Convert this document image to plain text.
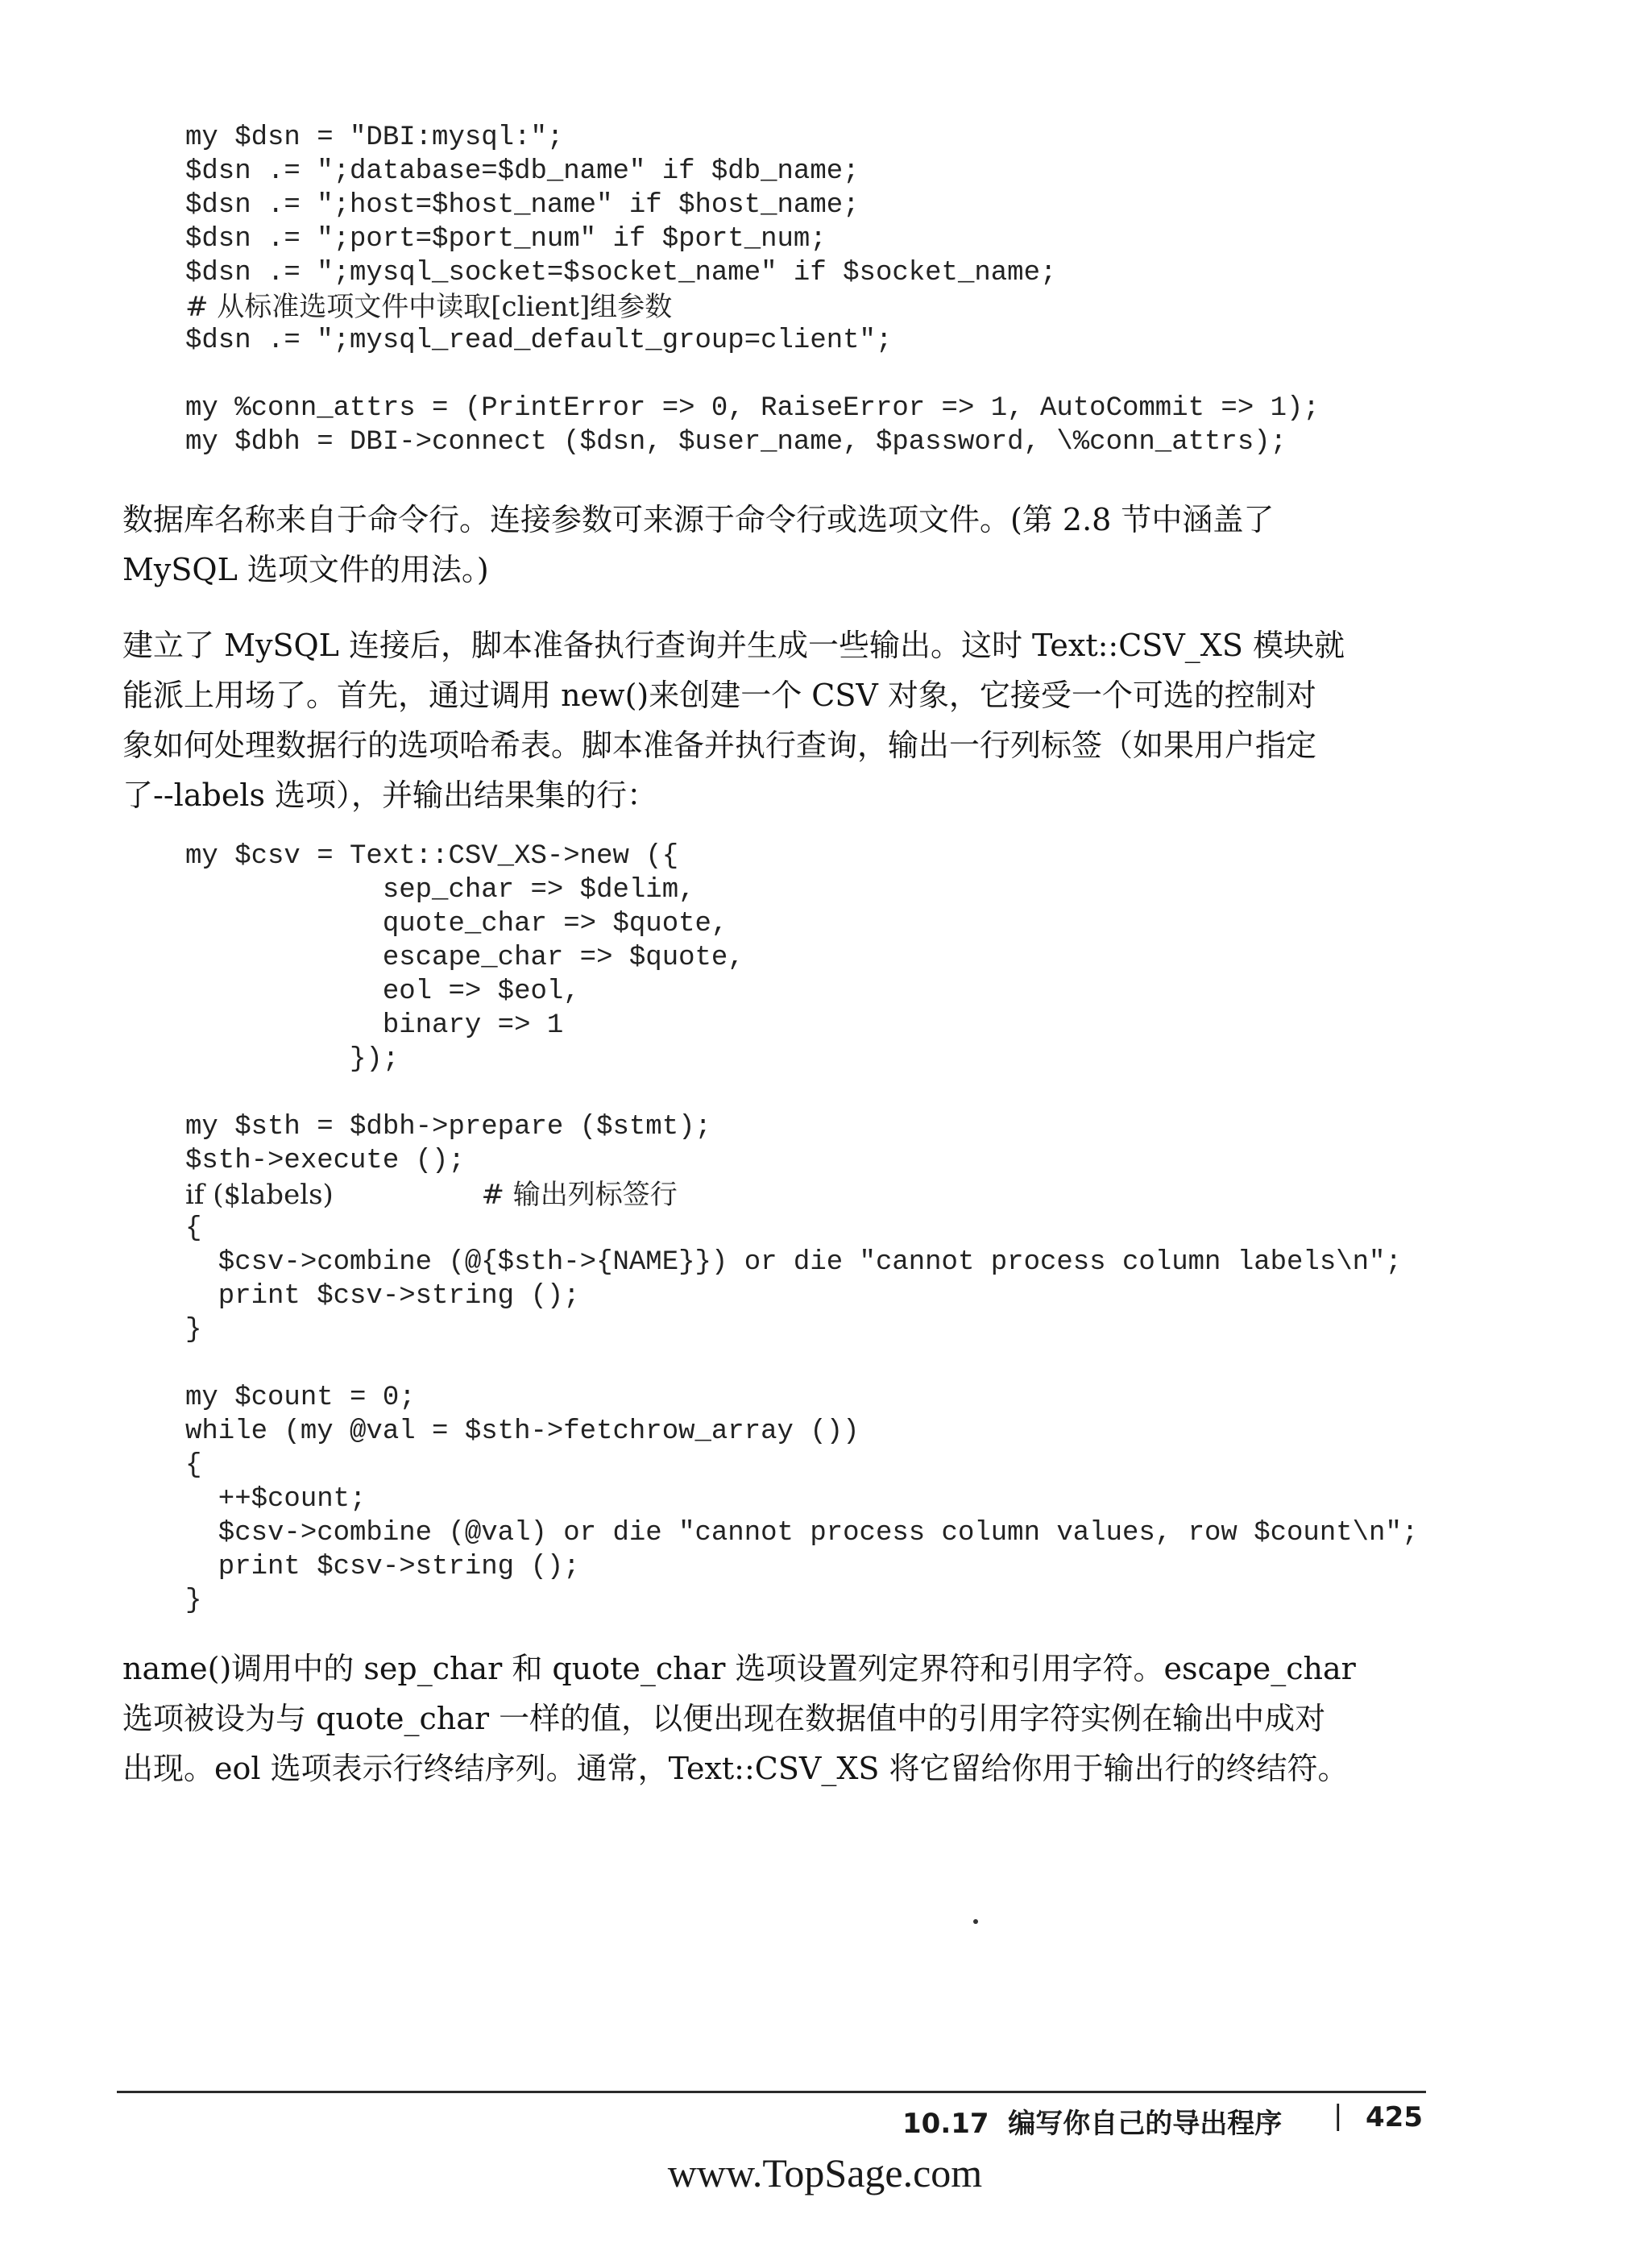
my $dsn = "DBI:mysql:";
$dsn .= ";database=$db_name" if $db_name;
$dsn .= ";host=$host_name" if $host_name;
$dsn .= ";port=$port_num" if $port_num;
$dsn .= ";mysql_socket=$socket_name" if $socket_name;
# 从标准选项文件中读取[client]组参数
$dsn .= ";mysql_read_default_group=client";
my %conn_attrs = (PrintError => 0, RaiseError => 1, AutoCommit => 1);
my $dbh = DBI->connect ($dsn, $user_name, $password, \%conn_attrs);
数据库名称来自于命令行。连接参数可来源于命令行或选项文件。(第 2.8 节中涵盖了
MySQL 选项文件的用法。)
建立了 MySQL 连接后，脚本准备执行查询并生成一些输出。这时 Text::CSV_XS 模块就
能派上用场了。首先，通过调用 new()来创建一个 CSV 对象，它接受一个可选的控制对
象如何处理数据行的选项哈希表。脚本准备并执行查询，输出一行列标签（如果用户指定
了--labels 选项），并输出结果集的行：
my $csv = Text::CSV_XS->new ({
sep_char => $delim,
quote_char => $quote,
escape_char => $quote,
eol => $eol,
binary => 1
});
my $sth = $dbh->prepare ($stmt);
$sth->execute ();
if ($labels)                 # 输出列标签行
{
$csv->combine (@{$sth->{NAME}}) or die "cannot process column labels\n";
print $csv->string ();
}
my $count = 0;
while (my @val = $sth->fetchrow_array ())
{
++$count;
$csv->combine (@val) or die "cannot process column values, row $count\n";
print $csv->string ();
}
name()调用中的 sep_char 和 quote_char 选项设置列定界符和引用字符。escape_char
选项被设为与 quote_char 一样的值，以便出现在数据值中的引用字符实例在输出中成对
出现。eol 选项表示行终结序列。通常，Text::CSV_XS 将它留给你用于输出行的终结符。
10.17  编写你自己的导出程序 | 425
www.TopSage.com
